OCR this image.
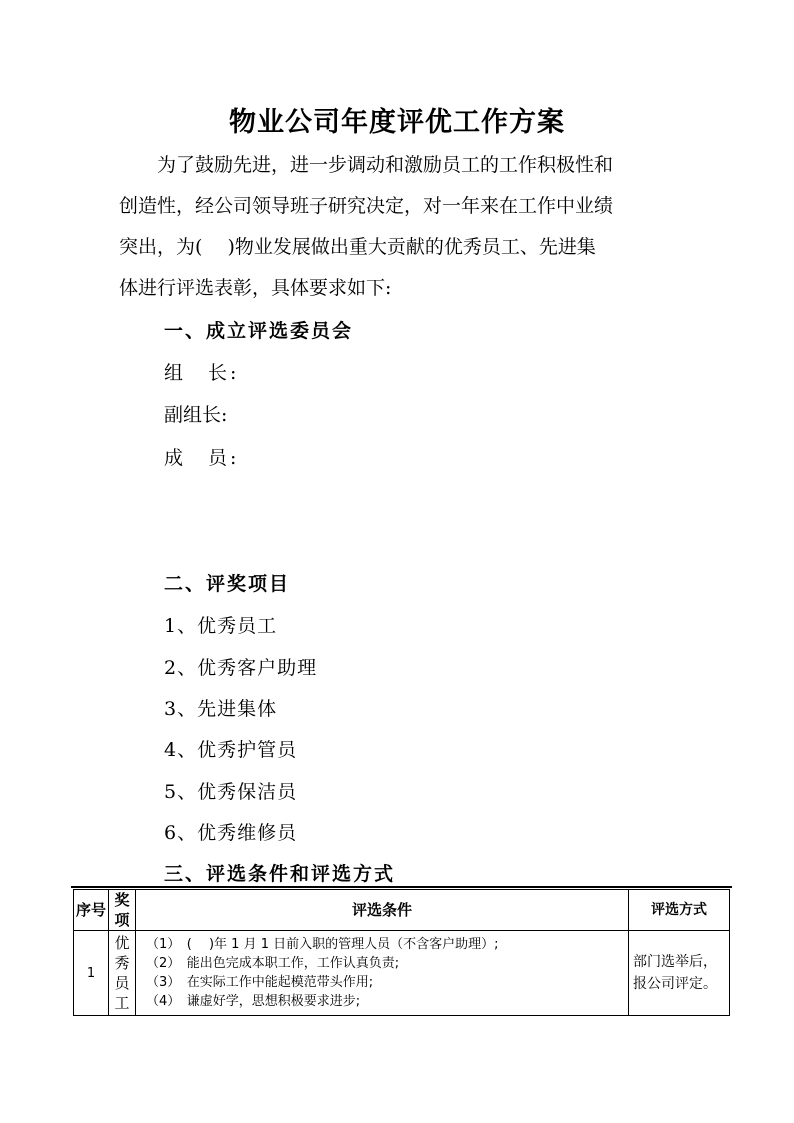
物业公司年度评优工作方案

为了鼓励先进，进一步调动和激励员工的工作积极性和

创造性，经公司领导班子研究决定，对一年来在工作中业绩

突出，为(　 )物业发展做出重大贡献的优秀员工、先进集

体进行评选表彰，具体要求如下:

一、成立评选委员会
组　长:
副组长:
成　员:
二、评奖项目
1、优秀员工
2、优秀客户助理
3、先进集体
4、优秀护管员
5、优秀保洁员
6、优秀维修员
三、评选条件和评选方式
序号	奖项	评选条件	评选方式
1	优秀员工	（1）　(　 )年 1 月 1 日前入职的管理人员（不含客户助理）;
（2）　能出色完成本职工作，工作认真负责;
（3）　在实际工作中能起模范带头作用;
（4）　谦虚好学，思想积极要求进步;	部门选举后，报公司评定。
